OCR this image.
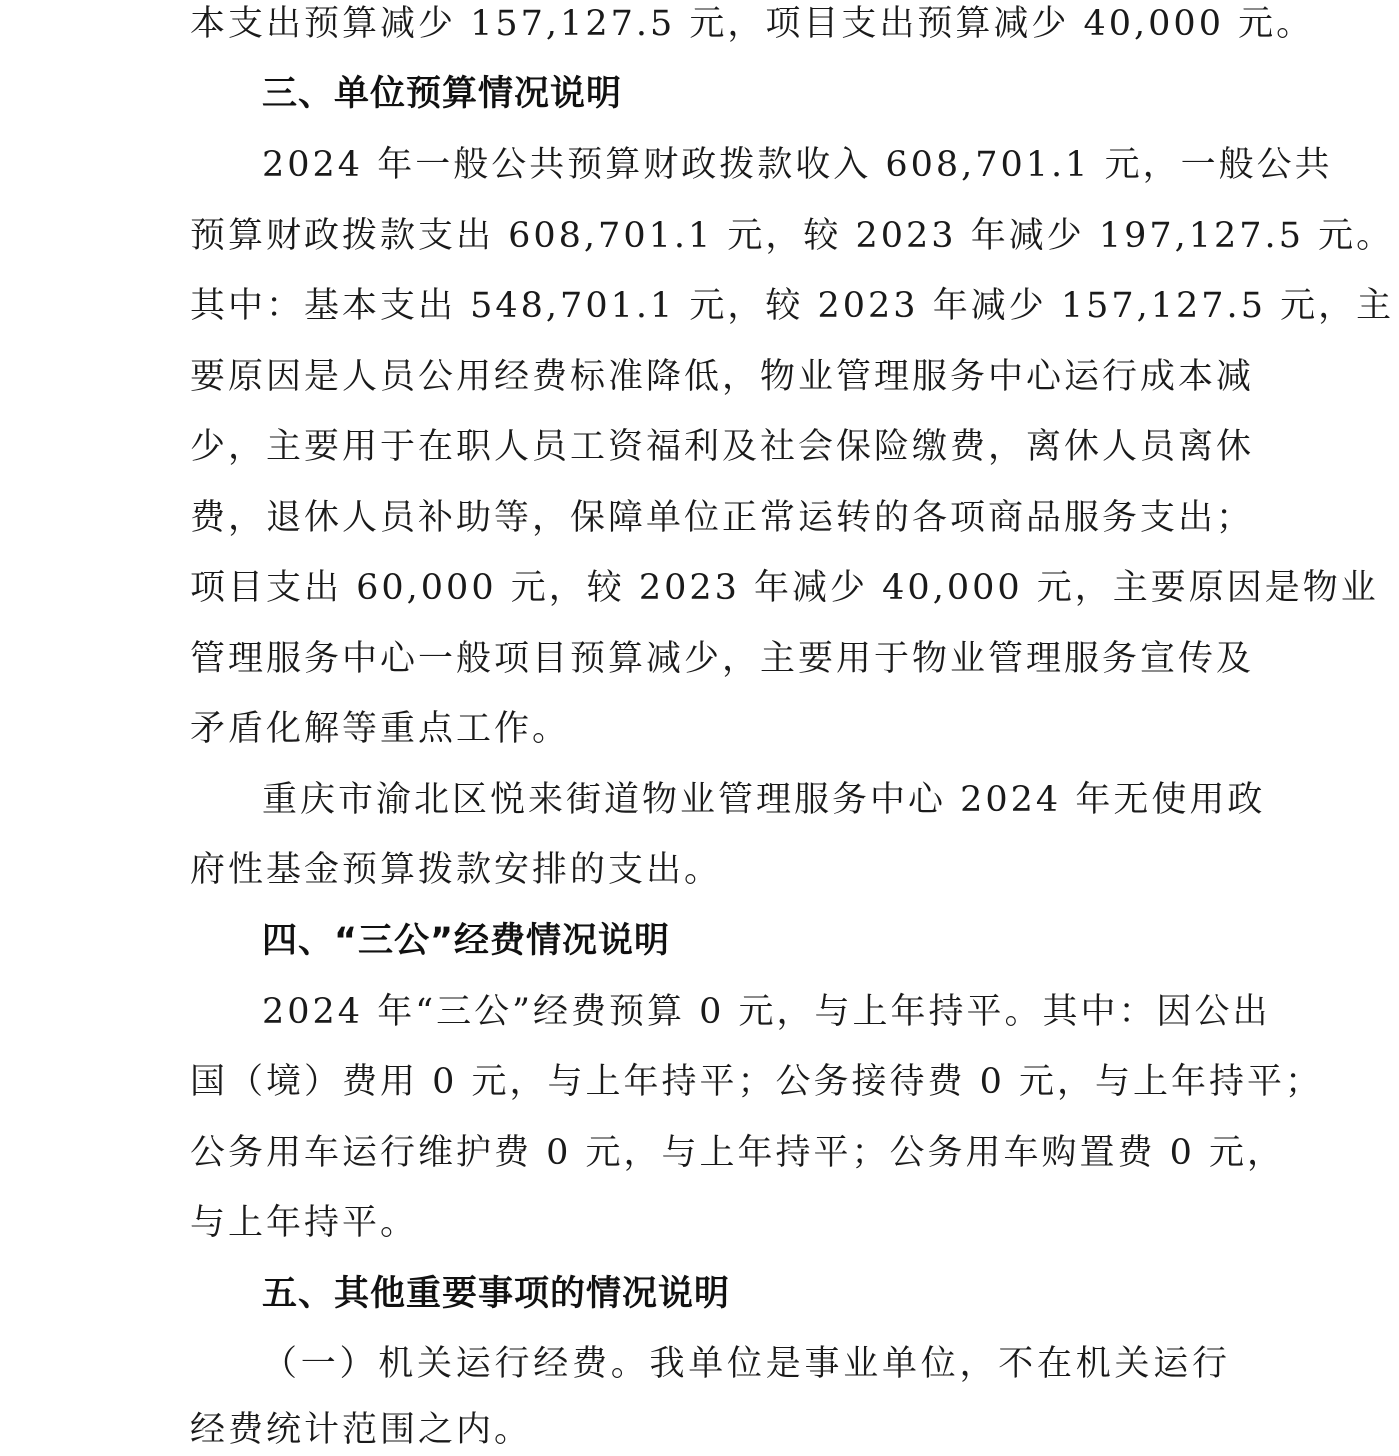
本支出预算减少 157,127.5 元，项目支出预算减少 40,000 元。
三、单位预算情况说明
2024 年一般公共预算财政拨款收入 608,701.1 元，一般公共
预算财政拨款支出 608,701.1 元，较 2023 年减少 197,127.5 元。
其中：基本支出 548,701.1 元，较 2023 年减少 157,127.5 元，主
要原因是人员公用经费标准降低，物业管理服务中心运行成本减
少，主要用于在职人员工资福利及社会保险缴费，离休人员离休
费，退休人员补助等，保障单位正常运转的各项商品服务支出；
项目支出 60,000 元，较 2023 年减少 40,000 元，主要原因是物业
管理服务中心一般项目预算减少，主要用于物业管理服务宣传及
矛盾化解等重点工作。
重庆市渝北区悦来街道物业管理服务中心 2024 年无使用政
府性基金预算拨款安排的支出。
四、“三公”经费情况说明
2024 年“三公”经费预算 0 元，与上年持平。其中：因公出
国（境）费用 0 元，与上年持平；公务接待费 0 元，与上年持平；
公务用车运行维护费 0 元，与上年持平；公务用车购置费 0 元，
与上年持平。
五、其他重要事项的情况说明
（一）机关运行经费。我单位是事业单位，不在机关运行
经费统计范围之内。
